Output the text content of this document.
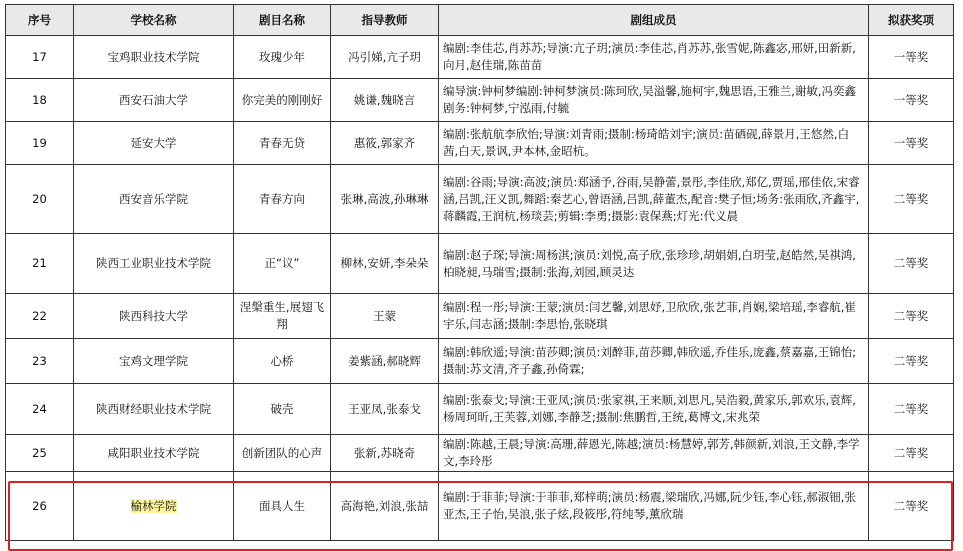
序号	学校名称	剧目名称	指导教师	剧组成员	拟获奖项
17	宝鸡职业技术学院	玫瑰少年	冯引娣,亢子玥	编剧:李佳芯,肖苏苏;导演:亢子玥;演员:李佳芯,肖苏苏,张雪妮,陈鑫宓,邢妍,田新新,向月,赵佳瑞,陈苗苗	一等奖
18	西安石油大学	你完美的刚刚好	姚谦,魏晓言	编导演:钟柯梦编剧:钟柯梦演员:陈珂欣,吴溢馨,施柯宇,魏思语,王雅兰,谢敏,冯奕鑫剧务:钟柯梦,宁泓雨,付毓	一等奖
19	延安大学	青春无贷	惠筱,郭家齐	编剧:张航航李欣怡;导演:刘青雨;摄制:杨琦皓刘宇;演员:苗硒砚,薛景月,王悠然,白茜,白天,景讽,尹本林,金昭杭。	一等奖
20	西安音乐学院	青春方向	张琳,高波,孙琳琳	编剧:谷雨;导演:高波;演员:郑涵予,谷雨,吴静蕾,景彤,李佳欣,郑亿,贾瑶,邢佳依,宋睿涵,吕凯,汪义凯,舞蹈:秦艺心,曾语涵,吕凯,薛董杰,配音:樊子恒;场务:张雨欣,齐鑫宇,蒋麟霞,王润杭,杨琰芸;剪辑:李勇;摄影:袁保燕;灯光:代义晨	二等奖
21	陕西工业职业技术学院	正“议”	柳林,安妍,李朵朵	编剧:赵子琛;导演:周杨淇;演员:刘悦,高子欣,张珍珍,胡娟娟,白玥莹,赵皓然,吴祺鸿,柏晓昶,马瑞雪;摄制:张海,刘园,顾灵达	二等奖
22	陕西科技大学	涅槃重生,展翅飞翔	王蒙	编剧:程一彤;导演:王蒙;演员:闫艺馨,刘思妤,卫欣欣,张艺菲,肖娴,梁培瑶,李睿航,崔宇乐,闫志涵;摄制:李思怡,张晓琪	二等奖
23	宝鸡文理学院	心桥	姜紫涵,郝晓辉	编剧:韩欣遥;导演:苗莎卿;演员:刘醉菲,苗莎卿,韩欣遥,乔佳乐,庞鑫,蔡嘉嘉,王锦怡;摄制:苏文清,齐子鑫,孙倚霖;	二等奖
24	陕西财经职业技术学院	破壳	王亚凤,张泰戈	编剧:张泰戈;导演:王亚凤;演员:张家祺,王来顺,刘思凡,吴浩毅,黄家乐,郭欢乐,袁辉,杨周珂昕,王芙蓉,刘娜,李静芝;摄制:焦鹏哲,王统,葛博文,宋兆荣	二等奖
25	咸阳职业技术学院	创新团队的心声	张新,苏晓奇	编剧:陈越,王晨;导演:高珊,薛恩光,陈越;演员:杨慧婷,郭芳,韩颜新,刘浪,王文静,李学文,李玲彤	二等奖
26	榆林学院	面具人生	高海艳,刘浪,张喆	编剧:于菲菲;导演:于菲菲,郑梓萌;演员:杨震,梁瑞欣,冯娜,阮少钰,李心钰,郝淑钿,张亚杰,王子怡,吴浪,张子炫,段筱彤,符纯琴,薰欣瑞	二等奖
